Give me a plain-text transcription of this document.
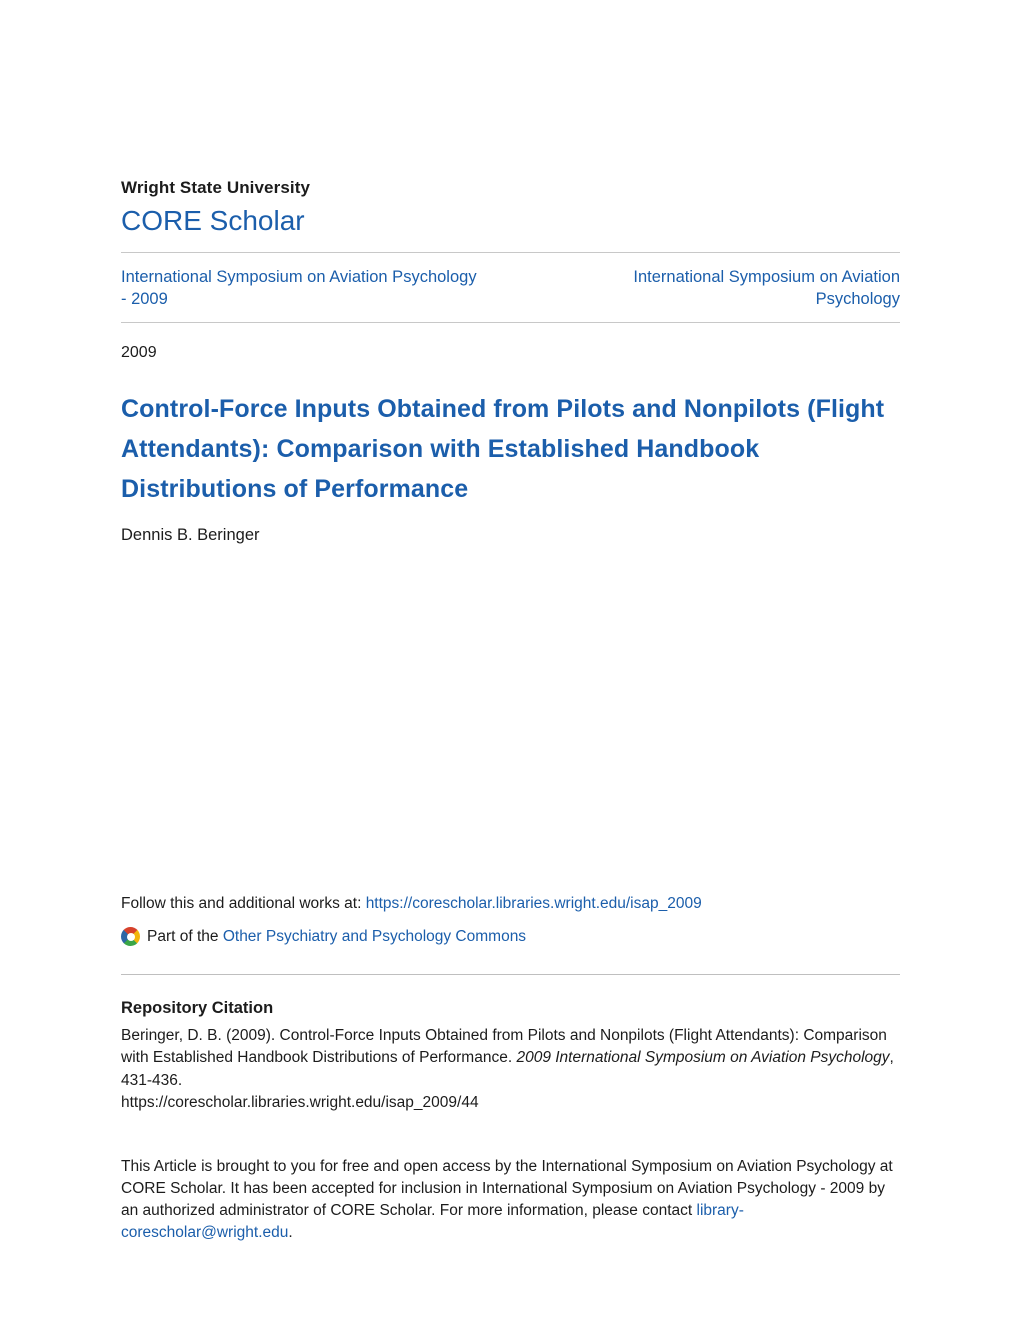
Wright State University
CORE Scholar
International Symposium on Aviation Psychology - 2009
International Symposium on Aviation Psychology
2009
Control-Force Inputs Obtained from Pilots and Nonpilots (Flight Attendants): Comparison with Established Handbook Distributions of Performance
Dennis B. Beringer
Follow this and additional works at: https://corescholar.libraries.wright.edu/isap_2009
Part of the Other Psychiatry and Psychology Commons
Repository Citation
Beringer, D. B. (2009). Control-Force Inputs Obtained from Pilots and Nonpilots (Flight Attendants): Comparison with Established Handbook Distributions of Performance. 2009 International Symposium on Aviation Psychology, 431-436.
https://corescholar.libraries.wright.edu/isap_2009/44
This Article is brought to you for free and open access by the International Symposium on Aviation Psychology at CORE Scholar. It has been accepted for inclusion in International Symposium on Aviation Psychology - 2009 by an authorized administrator of CORE Scholar. For more information, please contact library-corescholar@wright.edu.
